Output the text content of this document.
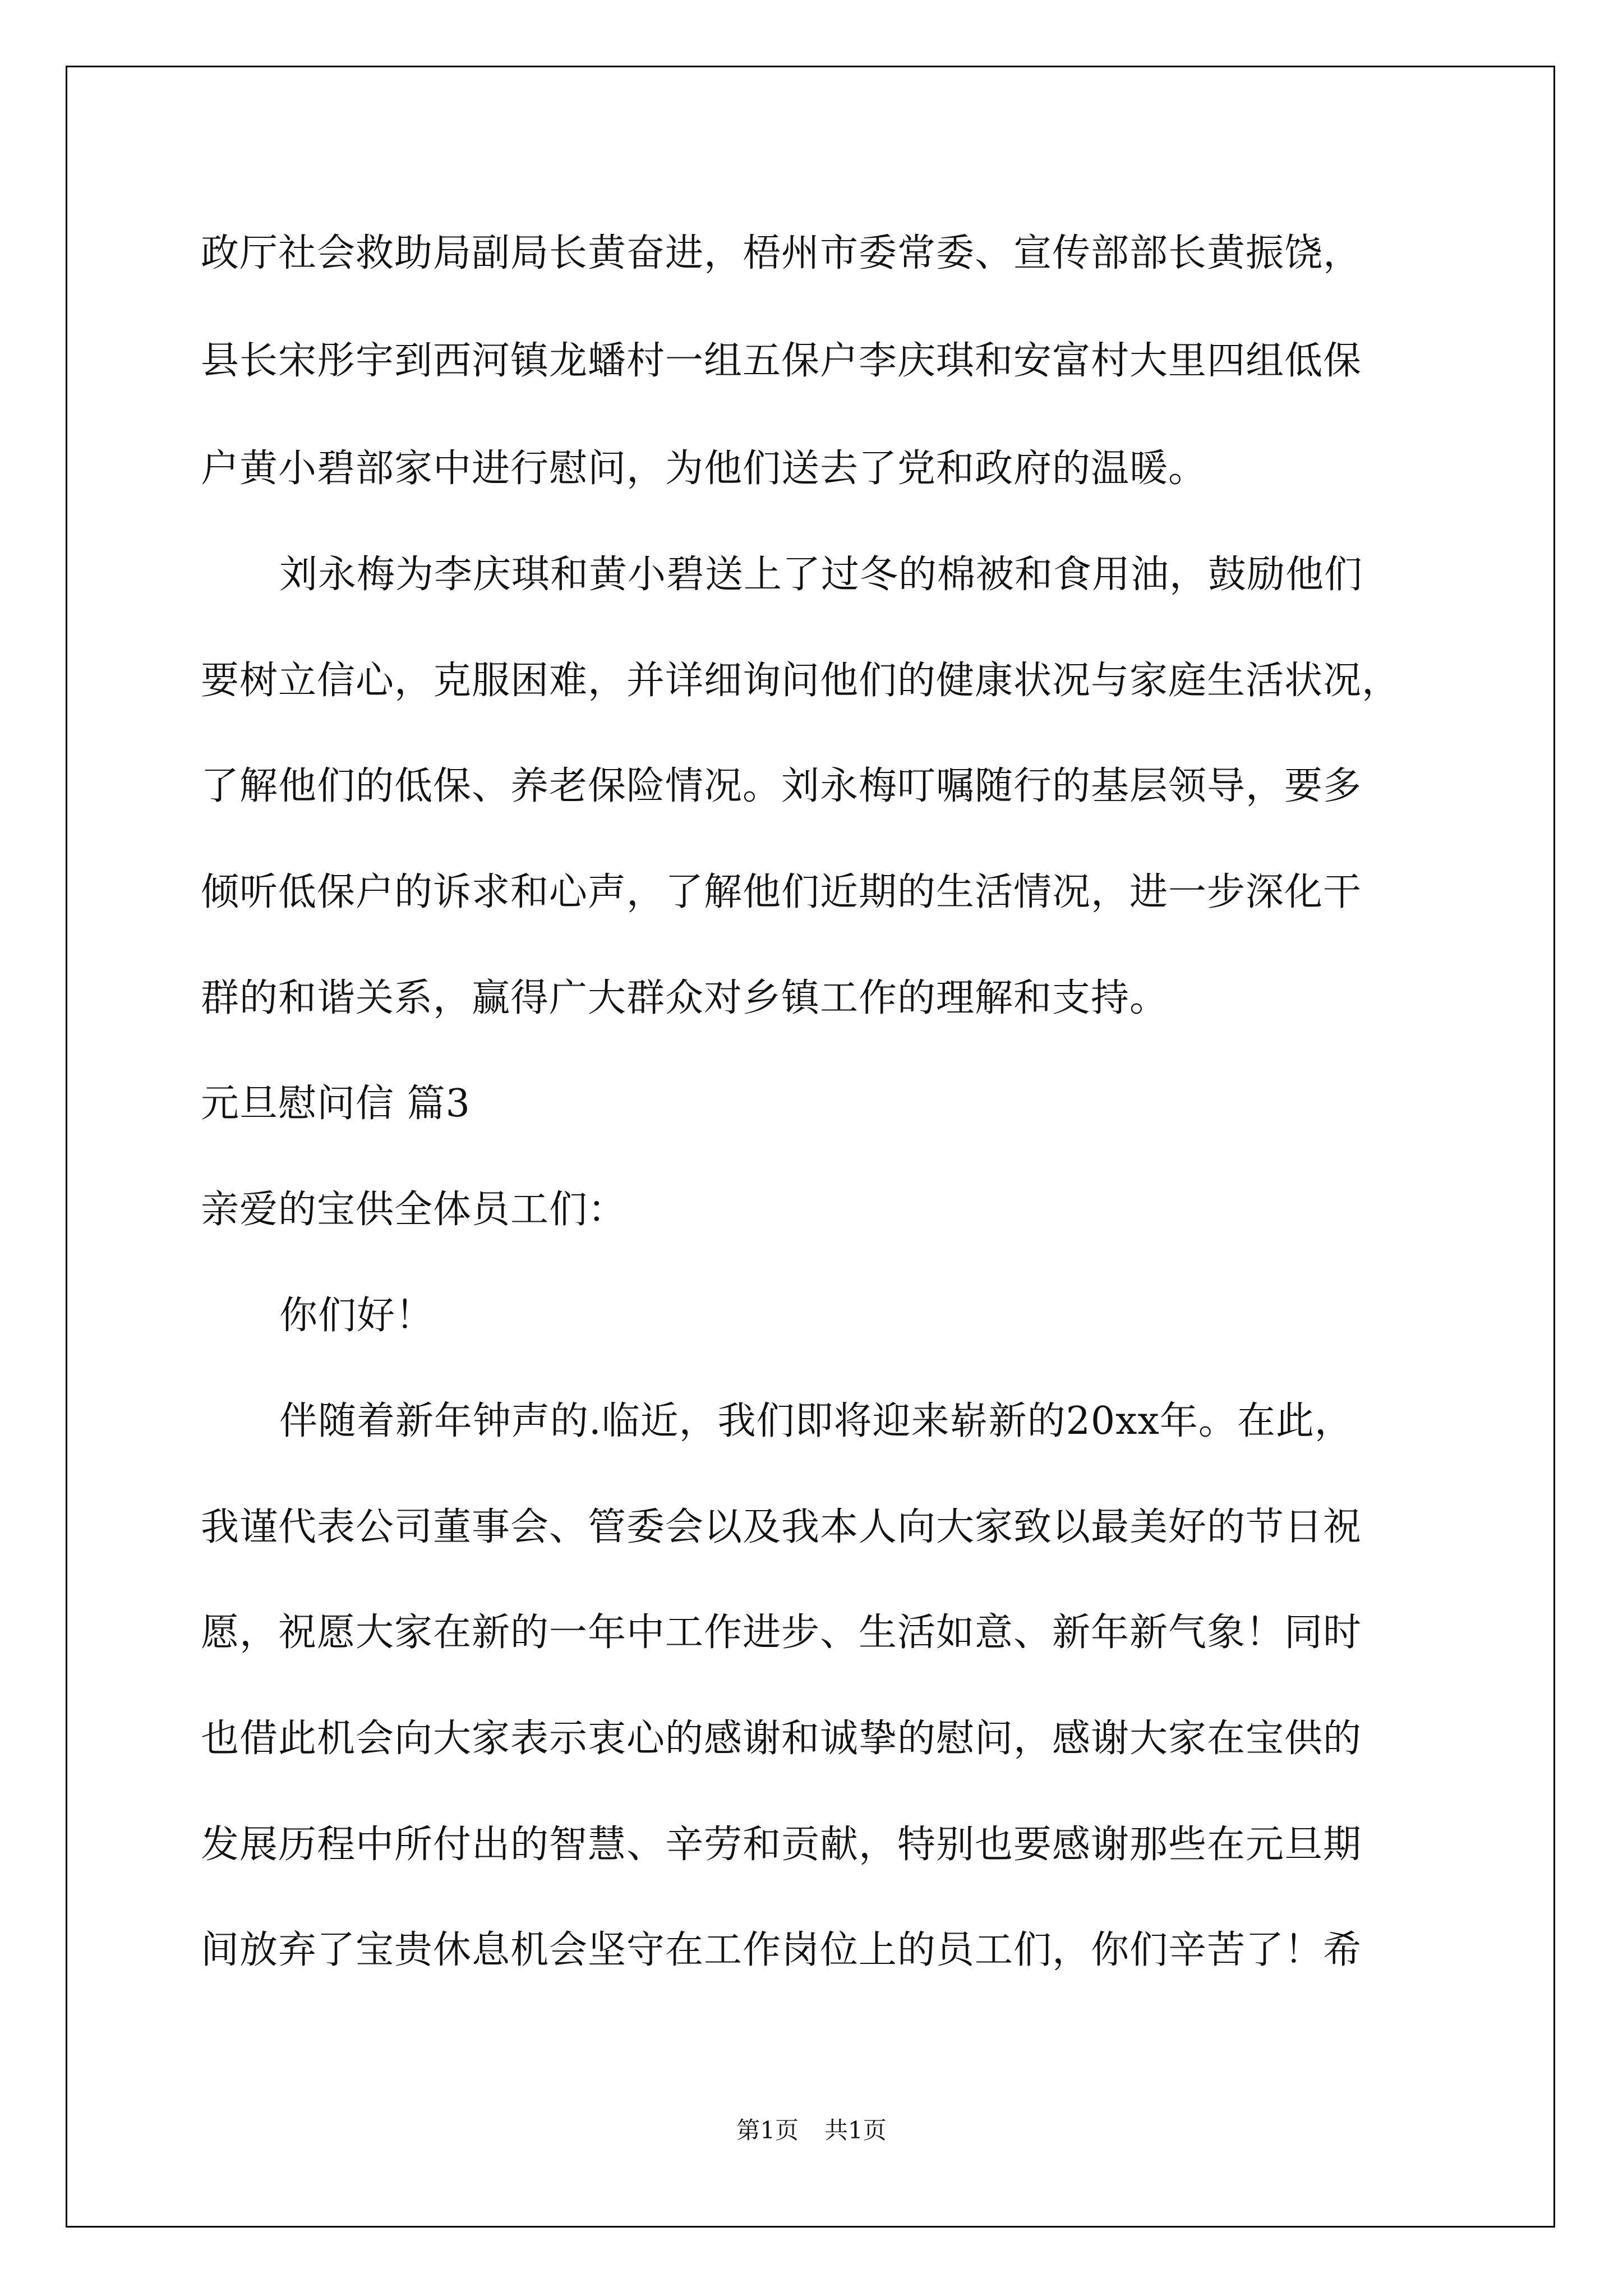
政厅社会救助局副局长黄奋进，梧州市委常委、宣传部部长黄振饶，
县长宋彤宇到西河镇龙蟠村一组五保户李庆琪和安富村大里四组低保
户黄小碧部家中进行慰问，为他们送去了党和政府的温暖。
刘永梅为李庆琪和黄小碧送上了过冬的棉被和食用油，鼓励他们
要树立信心，克服困难，并详细询问他们的健康状况与家庭生活状况，
了解他们的低保、养老保险情况。刘永梅叮嘱随行的基层领导，要多
倾听低保户的诉求和心声，了解他们近期的生活情况，进一步深化干
群的和谐关系，赢得广大群众对乡镇工作的理解和支持。
元旦慰问信 篇3
亲爱的宝供全体员工们：
你们好！
伴随着新年钟声的.临近，我们即将迎来崭新的20xx年。在此，
我谨代表公司董事会、管委会以及我本人向大家致以最美好的节日祝
愿，祝愿大家在新的一年中工作进步、生活如意、新年新气象！同时
也借此机会向大家表示衷心的感谢和诚挚的慰问，感谢大家在宝供的
发展历程中所付出的智慧、辛劳和贡献，特别也要感谢那些在元旦期
间放弃了宝贵休息机会坚守在工作岗位上的员工们，你们辛苦了！希
第1页 共1页
